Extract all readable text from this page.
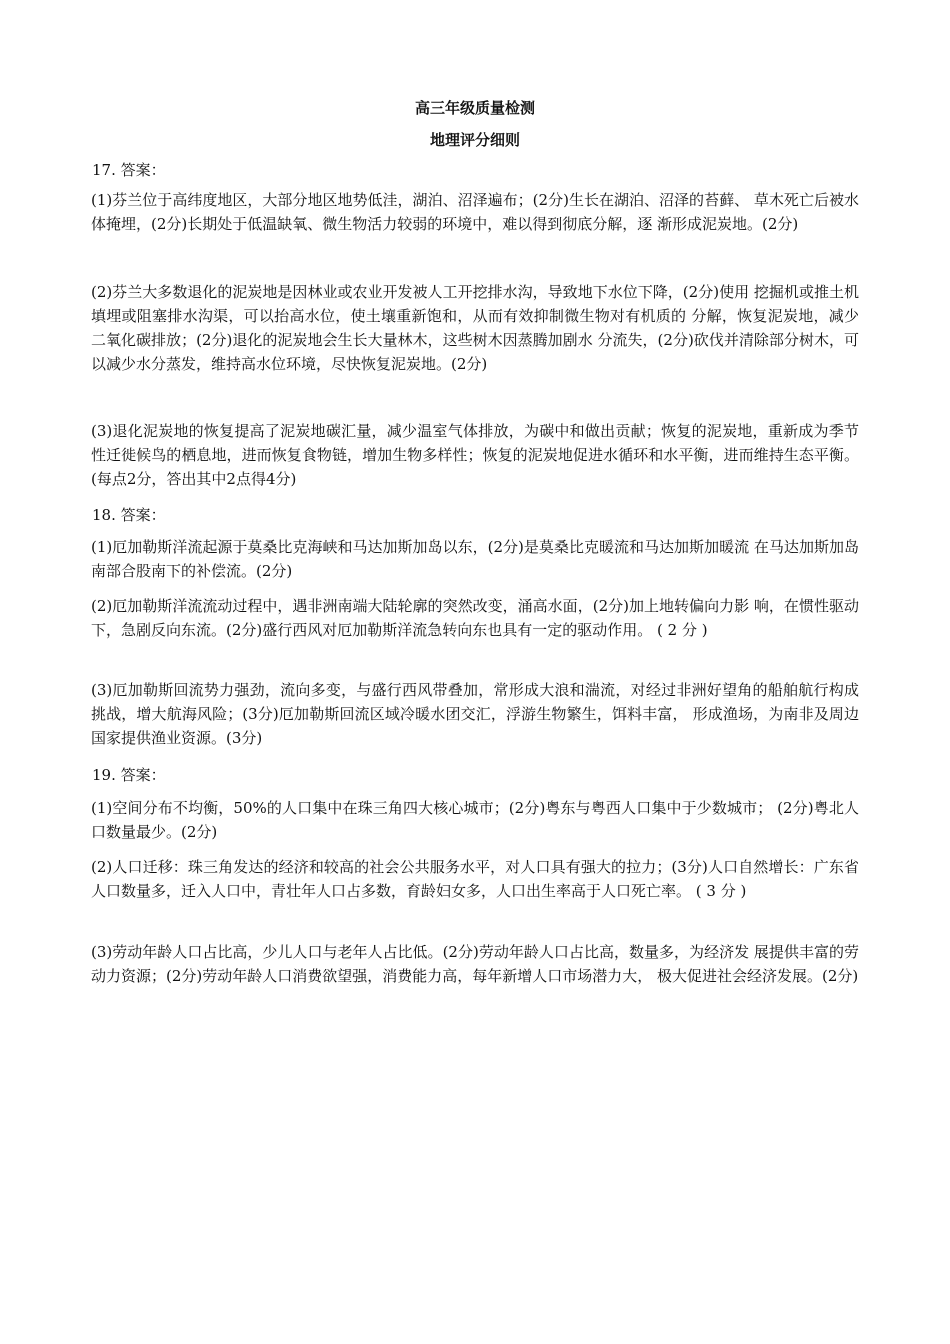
高三年级质量检测
地理评分细则
17. 答案：
(1)芬兰位于高纬度地区，大部分地区地势低洼，湖泊、沼泽遍布；(2分)生长在湖泊、沼泽的苔藓、 草木死亡后被水体掩埋，(2分)长期处于低温缺氧、微生物活力较弱的环境中，难以得到彻底分解，逐 渐形成泥炭地。(2分)
(2)芬兰大多数退化的泥炭地是因林业或农业开发被人工开挖排水沟，导致地下水位下降，(2分)使用 挖掘机或推土机填埋或阻塞排水沟渠，可以抬高水位，使土壤重新饱和，从而有效抑制微生物对有机质的 分解，恢复泥炭地，减少二氧化碳排放；(2分)退化的泥炭地会生长大量林木，这些树木因蒸腾加剧水 分流失，(2分)砍伐并清除部分树木，可以减少水分蒸发，维持高水位环境，尽快恢复泥炭地。(2分)
(3)退化泥炭地的恢复提高了泥炭地碳汇量，减少温室气体排放，为碳中和做出贡献；恢复的泥炭地，重新成为季节性迁徙候鸟的栖息地，进而恢复食物链，增加生物多样性；恢复的泥炭地促进水循环和水平衡，进而维持生态平衡。(每点2分，答出其中2点得4分)
18. 答案：
(1)厄加勒斯洋流起源于莫桑比克海峡和马达加斯加岛以东，(2分)是莫桑比克暖流和马达加斯加暖流 在马达加斯加岛南部合股南下的补偿流。(2分)
(2)厄加勒斯洋流流动过程中，遇非洲南端大陆轮廓的突然改变，涌高水面，(2分)加上地转偏向力影 响，在惯性驱动下，急剧反向东流。(2分)盛行西风对厄加勒斯洋流急转向东也具有一定的驱动作用。 ( 2 分 )
(3)厄加勒斯回流势力强劲，流向多变，与盛行西风带叠加，常形成大浪和湍流，对经过非洲好望角的船舶航行构成挑战，增大航海风险；(3分)厄加勒斯回流区域冷暖水团交汇，浮游生物繁生，饵料丰富， 形成渔场，为南非及周边国家提供渔业资源。(3分)
19. 答案：
(1)空间分布不均衡，50%的人口集中在珠三角四大核心城市；(2分)粤东与粤西人口集中于少数城市； (2分)粤北人口数量最少。(2分)
(2)人口迁移：珠三角发达的经济和较高的社会公共服务水平，对人口具有强大的拉力；(3分)人口自然增长：广东省人口数量多，迁入人口中，青壮年人口占多数，育龄妇女多，人口出生率高于人口死亡率。 ( 3 分 )
(3)劳动年龄人口占比高，少儿人口与老年人占比低。(2分)劳动年龄人口占比高，数量多，为经济发 展提供丰富的劳动力资源；(2分)劳动年龄人口消费欲望强，消费能力高，每年新增人口市场潜力大， 极大促进社会经济发展。(2分)
